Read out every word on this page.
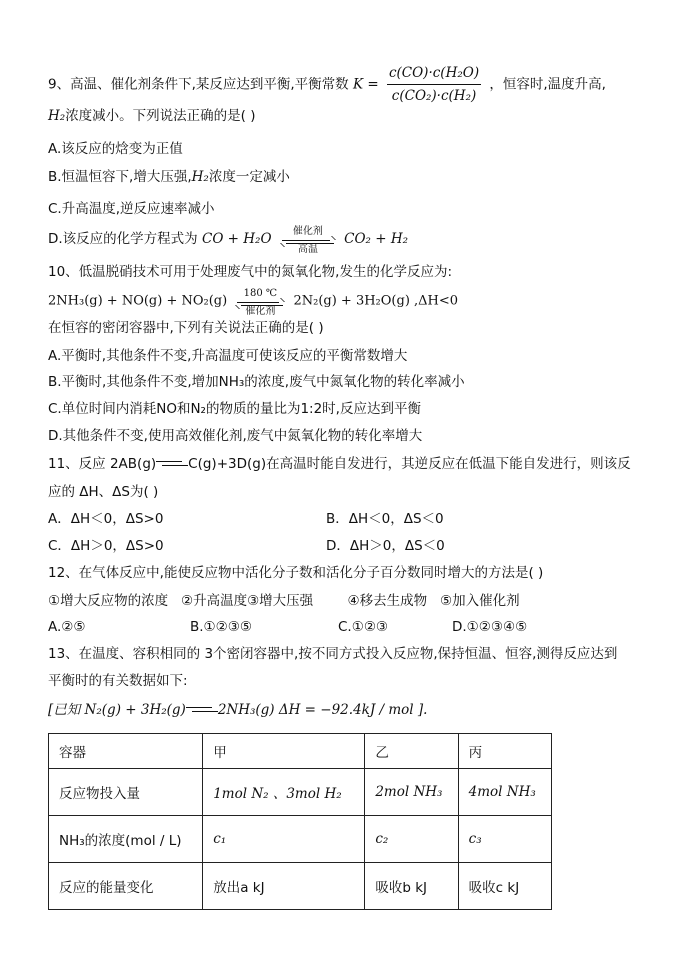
9、高温、催化剂条件下,某反应达到平衡,平衡常数 $K = \frac{\text{c(CO)·c(H₂O)}}{\text{c(CO₂)·c(H₂)}}$ ，恒容时,温度升高,
H₂浓度减小。下列说法正确的是( )
A.该反应的焓变为正值
B.恒温恒容下,增大压强,H₂浓度一定减小
C.升高温度,逆反应速率减小
D.该反应的化学方程式为 CO + H₂O	催化剂
高温
CO₂ + H₂
10、低温脱硝技术可用于处理废气中的氮氧化物,发生的化学反应为:
2NH₃(g) + NO(g) + NO₂(g)	180 ℃
催化剂
2N₂(g) + 3H₂O(g) ,ΔH<0
在恒容的密闭容器中,下列有关说法正确的是( )
A.平衡时,其他条件不变,升高温度可使该反应的平衡常数增大
B.平衡时,其他条件不变,增加NH₃的浓度,废气中氮氧化物的转化率减小
C.单位时间内消耗NO和N₂的物质的量比为1:2时,反应达到平衡
D.其他条件不变,使用高效催化剂,废气中氮氧化物的转化率增大
11、反应 2AB(g) C(g)+3D(g)在高温时能自发进行，其逆反应在低温下能自发进行，则该反
应的 ΔH、ΔS为( )
A．ΔH＜0，ΔS>0	B．ΔH＜0，ΔS＜0
C．ΔH＞0，ΔS>0	D．ΔH＞0，ΔS＜0
12、在气体反应中,能使反应物中活化分子数和活化分子百分数同时增大的方法是( )
①增大反应物的浓度   ②升高温度③增大压强        ④移去生成物   ⑤加入催化剂
A.②⑤	B.①②③⑤	C.①②③	D.①②③④⑤
13、在温度、容积相同的 3个密闭容器中,按不同方式投入反应物,保持恒温、恒容,测得反应达到
平衡时的有关数据如下:
[已知 N₂(g) + 3H₂(g) 2NH₃(g) ΔH = −92.4kJ / mol ].
容器	甲	乙	丙
反应物投入量	1mol N₂ 、3mol H₂	2mol NH₃	4mol NH₃
NH₃的浓度(mol / L)	c₁	c₂	c₃
反应的能量变化	放出a kJ	吸收b kJ	吸收c kJ
